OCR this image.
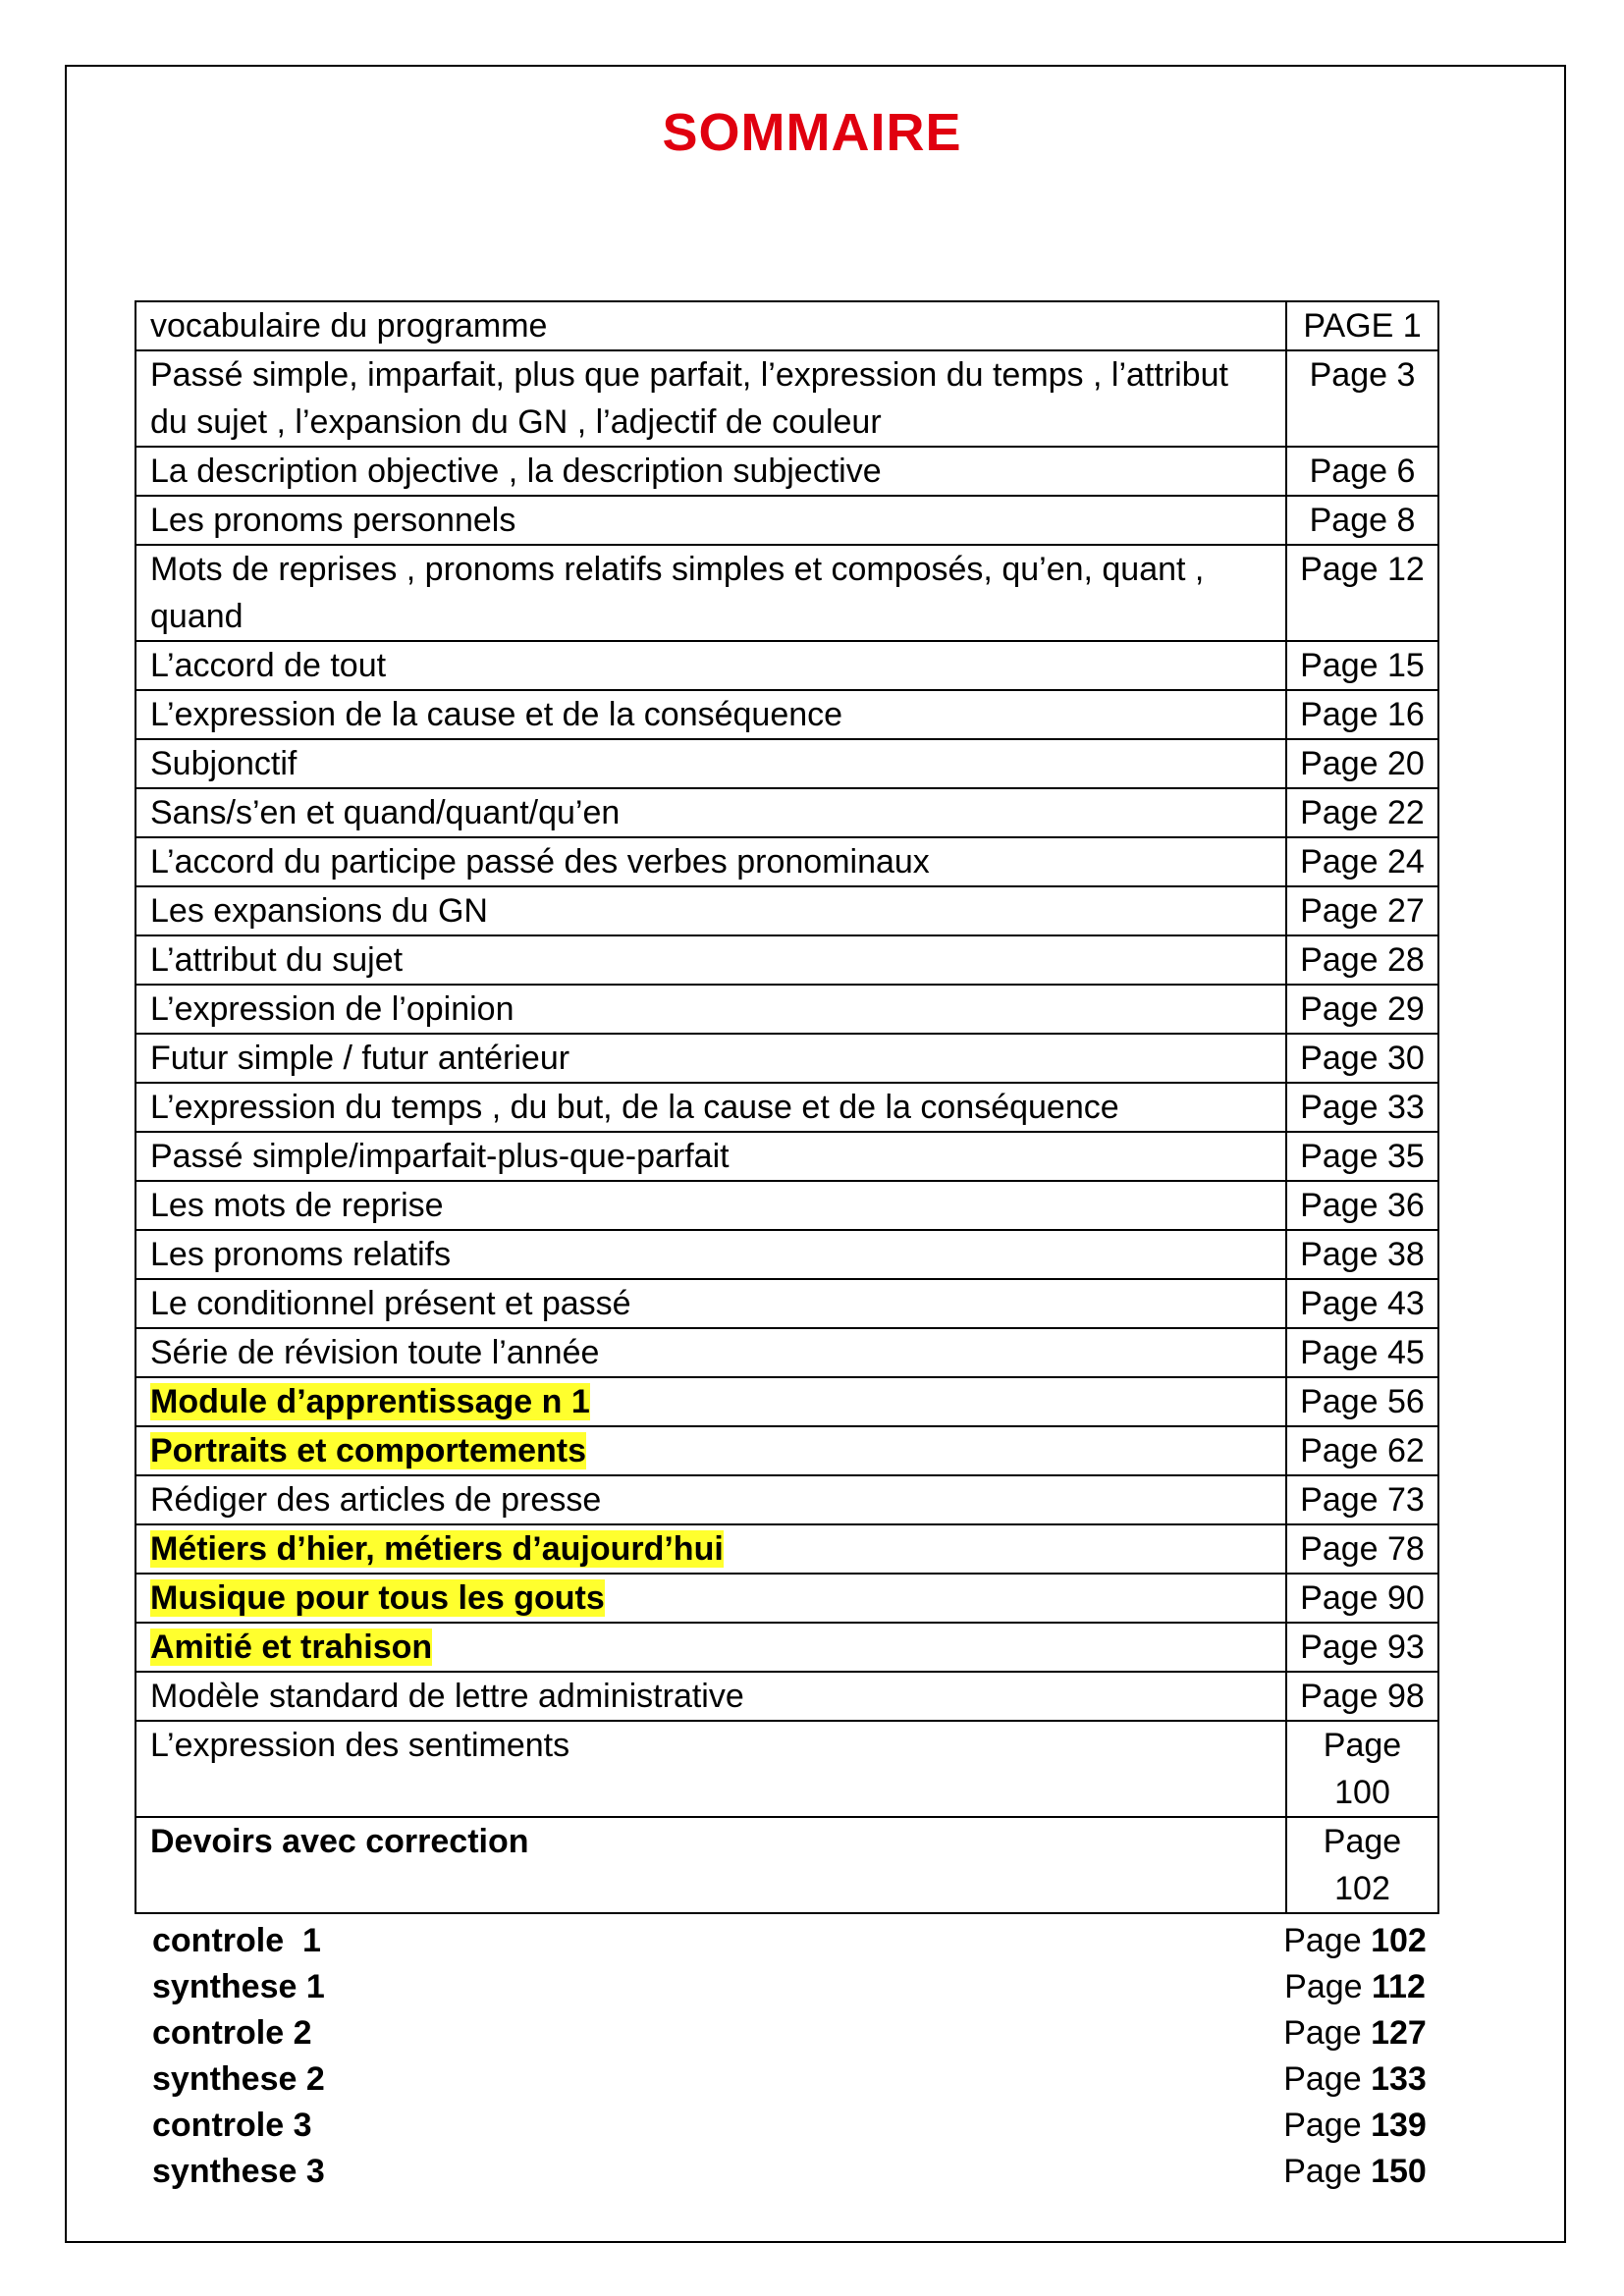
SOMMAIRE
vocabulaire du programme	PAGE 1
Passé simple, imparfait, plus que parfait, l’expression du temps , l’attribut du sujet , l’expansion du GN , l’adjectif de couleur	Page 3
La description objective , la description subjective	Page 6
Les pronoms personnels	Page 8
Mots de reprises , pronoms relatifs simples et composés, qu’en, quant , quand	Page 12
L’accord de tout	Page 15
L’expression de la cause et de la conséquence	Page 16
Subjonctif	Page 20
Sans/s’en et quand/quant/qu’en	Page 22
L’accord du participe passé des verbes pronominaux	Page 24
Les expansions du GN	Page 27
L’attribut du sujet	Page 28
L’expression de l’opinion	Page 29
Futur simple / futur antérieur	Page 30
L’expression du temps , du but, de la cause et de la conséquence	Page 33
Passé simple/imparfait-plus-que-parfait	Page 35
Les mots de reprise	Page 36
Les pronoms relatifs	Page 38
Le conditionnel présent et passé	Page 43
Série de révision toute l’année	Page 45
Module d’apprentissage n 1	Page 56
Portraits et comportements	Page 62
Rédiger des articles de presse	Page 73
Métiers d’hier, métiers d’aujourd’hui	Page 78
Musique pour tous les gouts	Page 90
Amitié et trahison	Page 93
Modèle standard de lettre administrative	Page 98
L’expression des sentiments	Page 100
Devoirs avec correction	Page 102
controle  1	Page 102
synthese 1	Page 112
controle 2	Page 127
synthese 2	Page 133
controle 3	Page 139
synthese 3	Page 150
